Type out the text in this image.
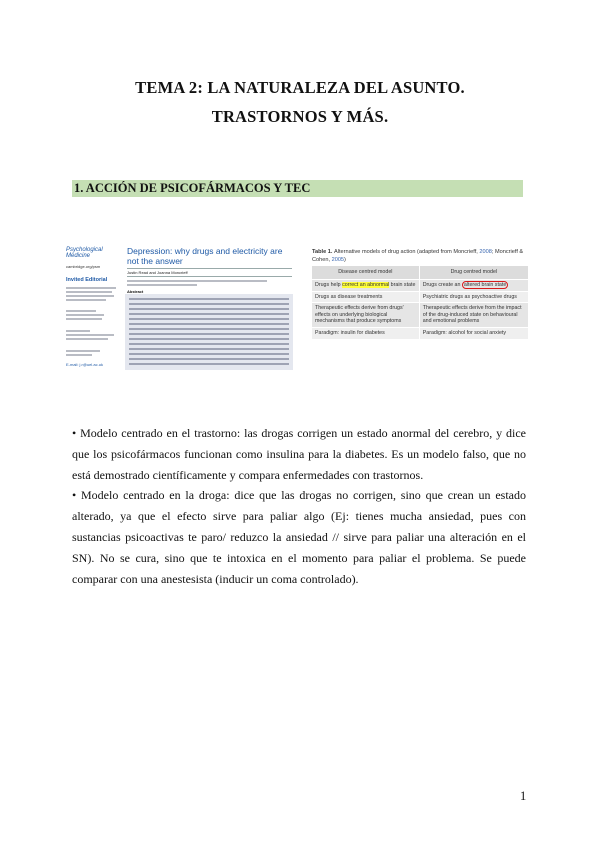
TEMA 2: LA NATURALEZA DEL ASUNTO.
TRASTORNOS Y MÁS.
1. ACCIÓN DE PSICOFÁRMACOS Y TEC
Psychological Medicine
cambridge.org/psm
Invited Editorial
E-mail: j.r@uel.ac.uk
Depression: why drugs and electricity are not the answer
Justin Read and Joanna Moncrieff
Abstract
Table 1. Alternative models of drug action (adapted from Moncrieff, 2008; Moncrieff & Cohen, 2005)
Disease centred model	Drug centred model
Drugs help correct an abnormal brain state	Drugs create an altered brain state
Drugs as disease treatments	Psychiatric drugs as psychoactive drugs
Therapeutic effects derive from drugs' effects on underlying biological mechanisms that produce symptoms	Therapeutic effects derive from the impact of the drug-induced state on behavioural and emotional problems
Paradigm: insulin for diabetes	Paradigm: alcohol for social anxiety
• Modelo centrado en el trastorno: las drogas corrigen un estado anormal del cerebro, y dice que los psicofármacos funcionan como insulina para la diabetes. Es un modelo falso, que no está demostrado científicamente y compara enfermedades con trastornos.
• Modelo centrado en la droga: dice que las drogas no corrigen, sino que crean un estado alterado, ya que el efecto sirve para paliar algo (Ej: tienes mucha ansiedad, pues con sustancias psicoactivas te paro/ reduzco la ansiedad // sirve para paliar una alteración en el SN). No se cura, sino que te intoxica en el momento para paliar el problema. Se puede comparar con una anestesista (inducir un coma controlado).
1
